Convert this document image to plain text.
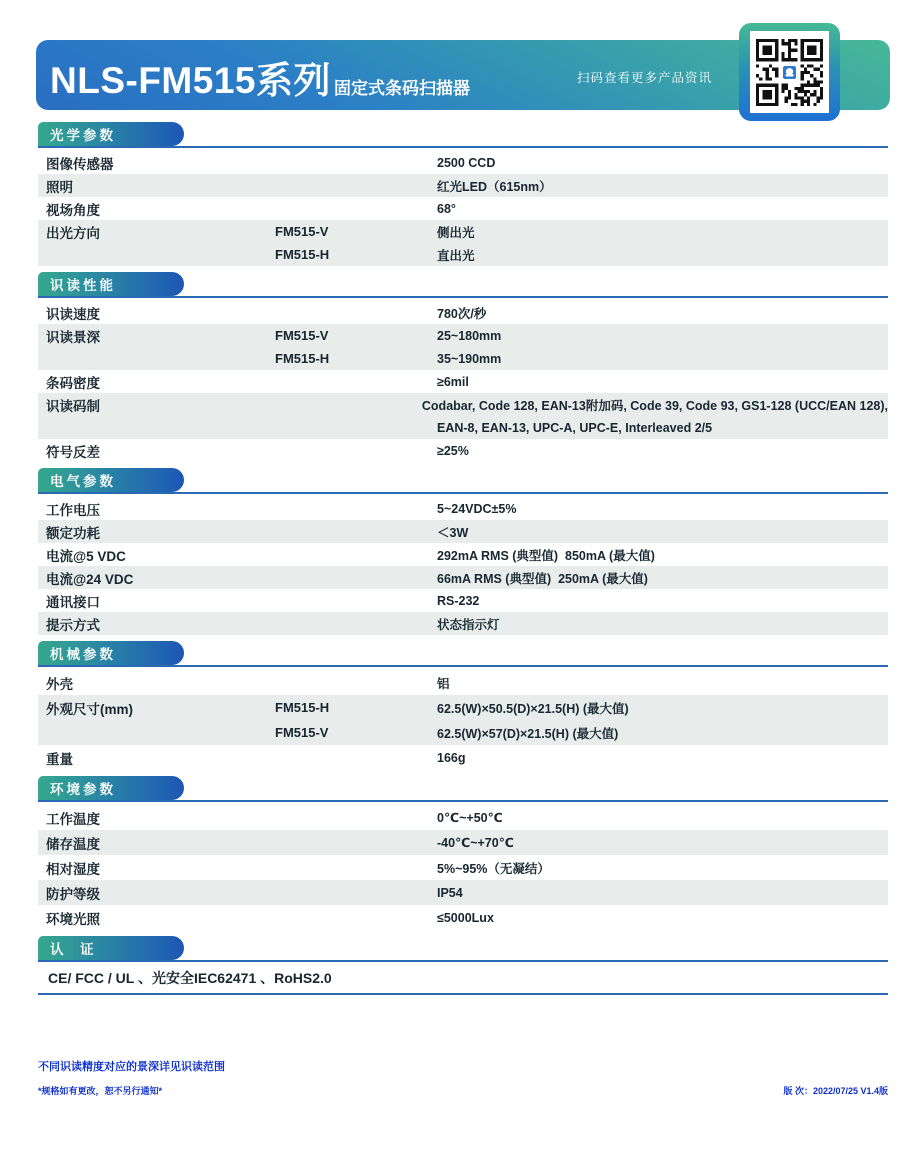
NLS-FM515系列 固定式条码扫描器
扫码查看更多产品资讯
光学参数
图像传感器	2500 CCD
照明	红光LED（615nm）
视场角度	68°
出光方向	FM515-V	侧出光
FM515-H	直出光
识读性能
识读速度	780次/秒
识读景深	FM515-V	25~180mm
FM515-H	35~190mm
条码密度	≥6mil
识读码制	Codabar, Code 128, EAN-13附加码, Code 39, Code 93, GS1-128 (UCC/EAN 128),
EAN-8, EAN-13, UPC-A, UPC-E, Interleaved 2/5
符号反差	≥25%
电气参数
工作电压	5~24VDC±5%
额定功耗	＜3W
电流@5 VDC	292mA RMS (典型值)  850mA (最大值)
电流@24 VDC	66mA RMS (典型值)  250mA (最大值)
通讯接口	RS-232
提示方式	状态指示灯
机械参数
外壳	铝
外观尺寸(mm)	FM515-H	62.5(W)×50.5(D)×21.5(H) (最大值)
FM515-V	62.5(W)×57(D)×21.5(H) (最大值)
重量	166g
环境参数
工作温度	0℃~+50℃
储存温度	-40℃~+70℃
相对湿度	5%~95%（无凝结）
防护等级	IP54
环境光照	≤5000Lux
认  证
CE/ FCC / UL 、光安全IEC62471 、RoHS2.0
不同识读精度对应的景深详见识读范围
*规格如有更改，恕不另行通知*	版 次：2022/07/25 V1.4版
